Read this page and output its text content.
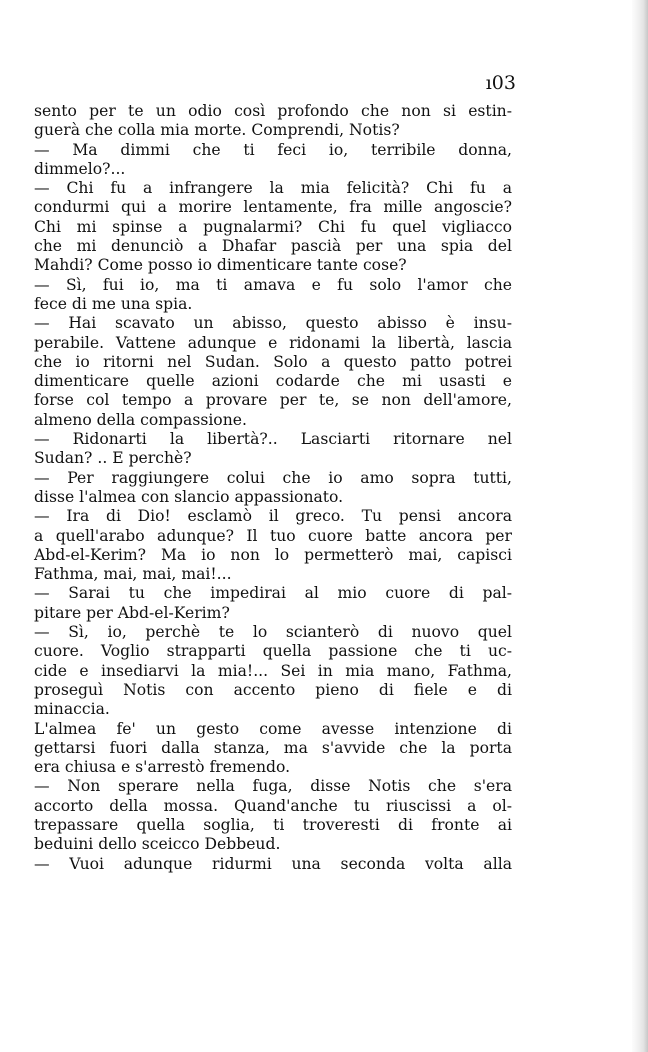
ı03
sento per te un odio così profondo che non si estin-
guerà che colla mia morte. Comprendi, Notis?
— Ma dimmi che ti feci io, terribile donna,
dimmelo?...
— Chi fu a infrangere la mia felicità? Chi fu a
condurmi qui a morire lentamente, fra mille angoscie?
Chi mi spinse a pugnalarmi? Chi fu quel vigliacco
che mi denunciò a Dhafar pascià per una spia del
Mahdi? Come posso io dimenticare tante cose?
— Sì, fui io, ma ti amava e fu solo l'amor che
fece di me una spia.
— Hai scavato un abisso, questo abisso è insu-
perabile. Vattene adunque e ridonami la libertà, lascia
che io ritorni nel Sudan. Solo a questo patto potrei
dimenticare quelle azioni codarde che mi usasti e
forse col tempo a provare per te, se non dell'amore,
almeno della compassione.
— Ridonarti la libertà?.. Lasciarti ritornare nel
Sudan? .. E perchè?
— Per raggiungere colui che io amo sopra tutti,
disse l'almea con slancio appassionato.
— Ira di Dio! esclamò il greco. Tu pensi ancora
a quell'arabo adunque? Il tuo cuore batte ancora per
Abd-el-Kerim? Ma io non lo permetterò mai, capisci
Fathma, mai, mai, mai!...
— Sarai tu che impedirai al mio cuore di pal-
pitare per Abd-el-Kerim?
— Sì, io, perchè te lo scianterò di nuovo quel
cuore. Voglio strapparti quella passione che ti uc-
cide e insediarvi la mia!... Sei in mia mano, Fathma,
proseguì Notis con accento pieno di fiele e di
minaccia.
L'almea fe' un gesto come avesse intenzione di
gettarsi fuori dalla stanza, ma s'avvide che la porta
era chiusa e s'arrestò fremendo.
— Non sperare nella fuga, disse Notis che s'era
accorto della mossa. Quand'anche tu riuscissi a ol-
trepassare quella soglia, ti troveresti di fronte ai
beduini dello sceicco Debbeud.
— Vuoi adunque ridurmi una seconda volta alla
